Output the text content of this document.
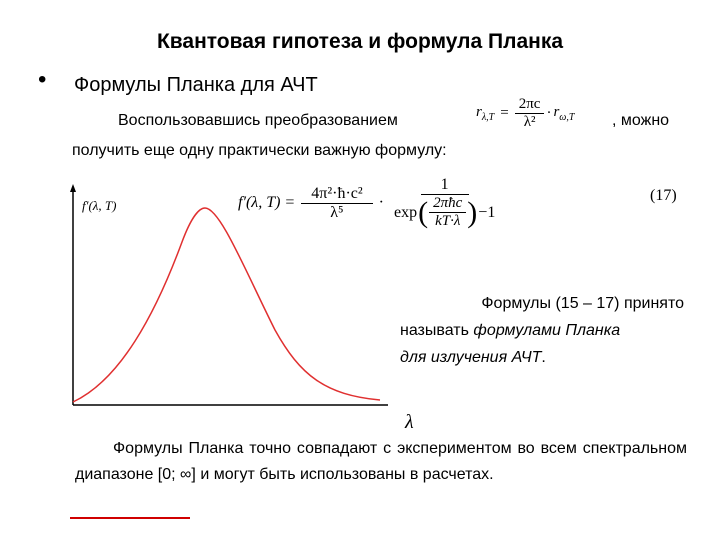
Квантовая гипотеза и формула Планка
• Формулы Планка для АЧТ
Воспользовавшись преобразованием	$r_{\lambda,T} = \frac{2\pi c}{\text{λ²}} \cdot r_{\omega,T}$ , можно
получить еще одну практически важную формулу:
f′(λ, $T) = \frac{\text{4π²·ħ·c²}}{\text{λ⁵}}$ ·
1
exp ( $\frac{\text{2πħc}}{kT\cdot\lambda}$ ) −1
(17)
f′(λ, T)
λ
Формулы (15 – 17) принято
называть формулами Планка
для излучения АЧТ.
Формулы Планка точно совпадают с экспериментом во всем спектральном диапазоне [0; ∞] и могут быть использованы в расчетах.
